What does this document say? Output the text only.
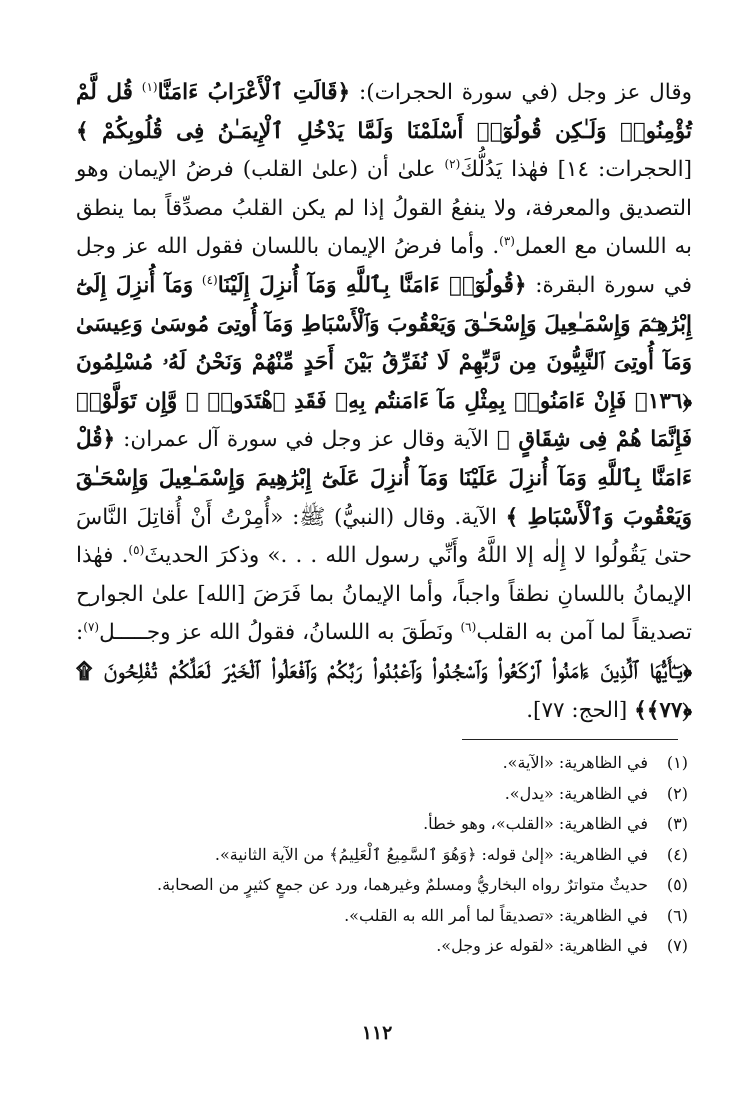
وقال عز وجل (في سورة الحجرات): ﴿قَالَتِ ٱلْأَعْرَابُ ءَامَنَّا$^{(١)}$ قُل لَّمْ تُؤْمِنُوا۟ وَلَـٰكِن قُولُوٓا۟ أَسْلَمْنَا وَلَمَّا يَدْخُلِ ٱلْإِيمَـٰنُ فِى قُلُوبِكُمْ ﴾ [الحجرات: ١٤] فهٰذا يَدُلُّكَ$^{(٢)}$ علىٰ أن (علىٰ القلب) فرضُ الإيمان وهو التصديق والمعرفة، ولا ينفعُ القولُ إذا لم يكن القلبُ مصدِّقاً بما ينطق به اللسان مع العمل$^{(٣)}$. وأما فرضُ الإيمان باللسان فقول الله عز وجل في سورة البقرة: ﴿قُولُوٓا۟ ءَامَنَّا بِٱللَّهِ وَمَآ أُنزِلَ إِلَيْنَا$^{(٤)}$ وَمَآ أُنزِلَ إِلَىٰٓ إِبْرَٰهِـۧمَ وَإِسْمَـٰعِيلَ وَإِسْحَـٰقَ وَيَعْقُوبَ وَٱلْأَسْبَاطِ وَمَآ أُوتِىَ مُوسَىٰ وَعِيسَىٰ وَمَآ أُوتِىَ ٱلنَّبِيُّونَ مِن رَّبِّهِمْ لَا نُفَرِّقُ بَيْنَ أَحَدٍ مِّنْهُمْ وَنَحْنُ لَهُۥ مُسْلِمُونَ ﴿١٣٦﴾ فَإِنْ ءَامَنُوا۟ بِمِثْلِ مَآ ءَامَنتُم بِهِۦ فَقَدِ ٱهْتَدَوا۟ ۖ وَّإِن تَوَلَّوْا۟ فَإِنَّمَا هُمْ فِى شِقَاقٍ ﴾ الآية وقال عز وجل في سورة آل عمران: ﴿قُلْ ءَامَنَّا بِٱللَّهِ وَمَآ أُنزِلَ عَلَيْنَا وَمَآ أُنزِلَ عَلَىٰٓ إِبْرَٰهِيمَ وَإِسْمَـٰعِيلَ وَإِسْحَـٰقَ وَيَعْقُوبَ وَٱلْأَسْبَاطِ ﴾ الآية. وقال (النبيُّ) ﷺ: «أُمِرْتُ أَنْ أُقاتِلَ النَّاسَ حتىٰ يَقُولُوا لا إِلٰه إلا اللَّهُ وأَنِّي رسول الله . . .» وذكرَ الحديثَ$^{(٥)}$. فهٰذا الإيمانُ باللسانِ نطقاً واجباً، وأما الإيمانُ بما فَرَضَ [الله] علىٰ الجوارح تصديقاً لما آمن به القلب$^{(٦)}$ ونَطَقَ به اللسانُ، فقولُ الله عز وجـــــل$^{(٧)}$: ﴿يَـٰٓأَيُّهَا ٱلَّذِينَ ءَامَنُوا۟ ٱرْكَعُوا۟ وَٱسْجُدُوا۟ وَٱعْبُدُوا۟ رَبَّكُمْ وَٱفْعَلُوا۟ ٱلْخَيْرَ لَعَلَّكُمْ تُفْلِحُونَ ۩ ﴿٧٧﴾﴾ [الحج: ٧٧].

(١)
في الظاهرية: «الآية».
(٢)
في الظاهرية: «يدل».
(٣)
في الظاهرية: «القلب»، وهو خطأ.
(٤)
في الظاهرية: «إلىٰ قوله: ﴿وَهُوَ ٱلسَّمِيعُ ٱلْعَلِيمُ﴾ من الآية الثانية».
(٥)
حديثٌ متواترٌ رواه البخاريُّ ومسلمٌ وغيرهما، ورد عن جمعٍ كثيرٍ من الصحابة.
(٦)
في الظاهرية: «تصديقاً لما أمر الله به القلب».
(٧)
في الظاهرية: «لقوله عز وجل».
١١٢
